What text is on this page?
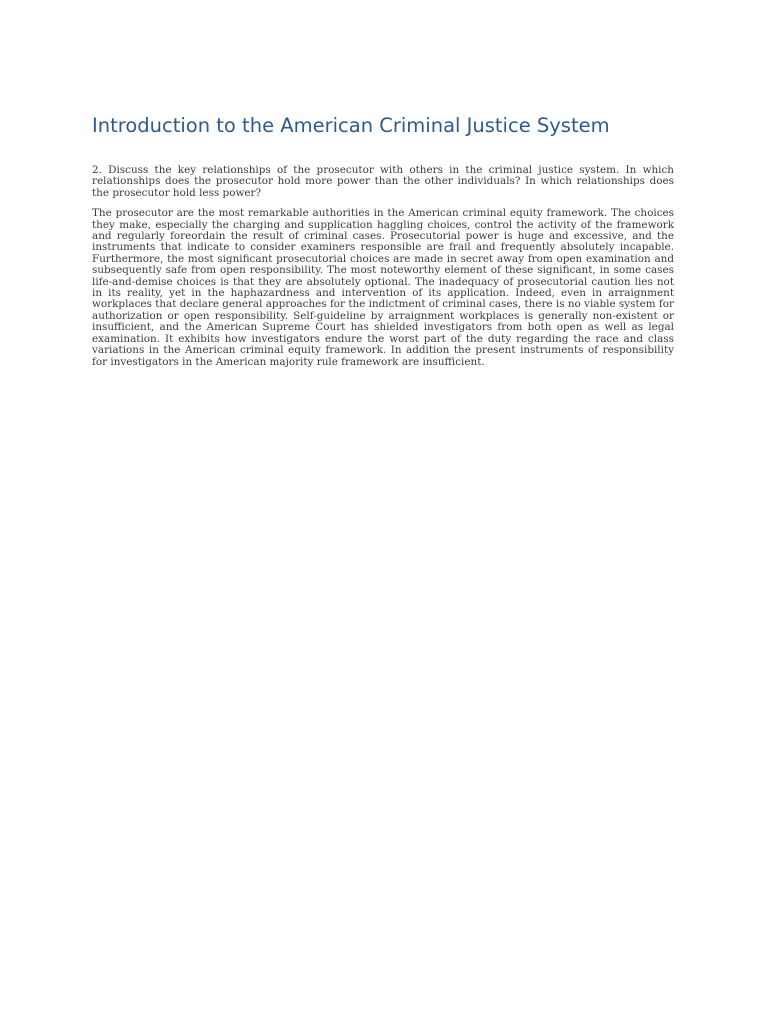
Introduction to the American Criminal Justice System

2. Discuss the key relationships of the prosecutor with others in the criminal justice system. In which relationships does the prosecutor hold more power than the other individuals? In which relationships does the prosecutor hold less power?

The prosecutor are the most remarkable authorities in the American criminal equity framework. The choices they make, especially the charging and supplication haggling choices, control the activity of the framework and regularly foreordain the result of criminal cases. Prosecutorial power is huge and excessive, and the instruments that indicate to consider examiners responsible are frail and frequently absolutely incapable. Furthermore, the most significant prosecutorial choices are made in secret away from open examination and subsequently safe from open responsibility. The most noteworthy element of these significant, in some cases life-and-demise choices is that they are absolutely optional. The inadequacy of prosecutorial caution lies not in its reality, yet in the haphazardness and intervention of its application. Indeed, even in arraignment workplaces that declare general approaches for the indictment of criminal cases, there is no viable system for authorization or open responsibility. Self-guideline by arraignment workplaces is generally non-existent or insufficient, and the American Supreme Court has shielded investigators from both open as well as legal examination. It exhibits how investigators endure the worst part of the duty regarding the race and class variations in the American criminal equity framework. In addition the present instruments of responsibility for investigators in the American majority rule framework are insufficient.
